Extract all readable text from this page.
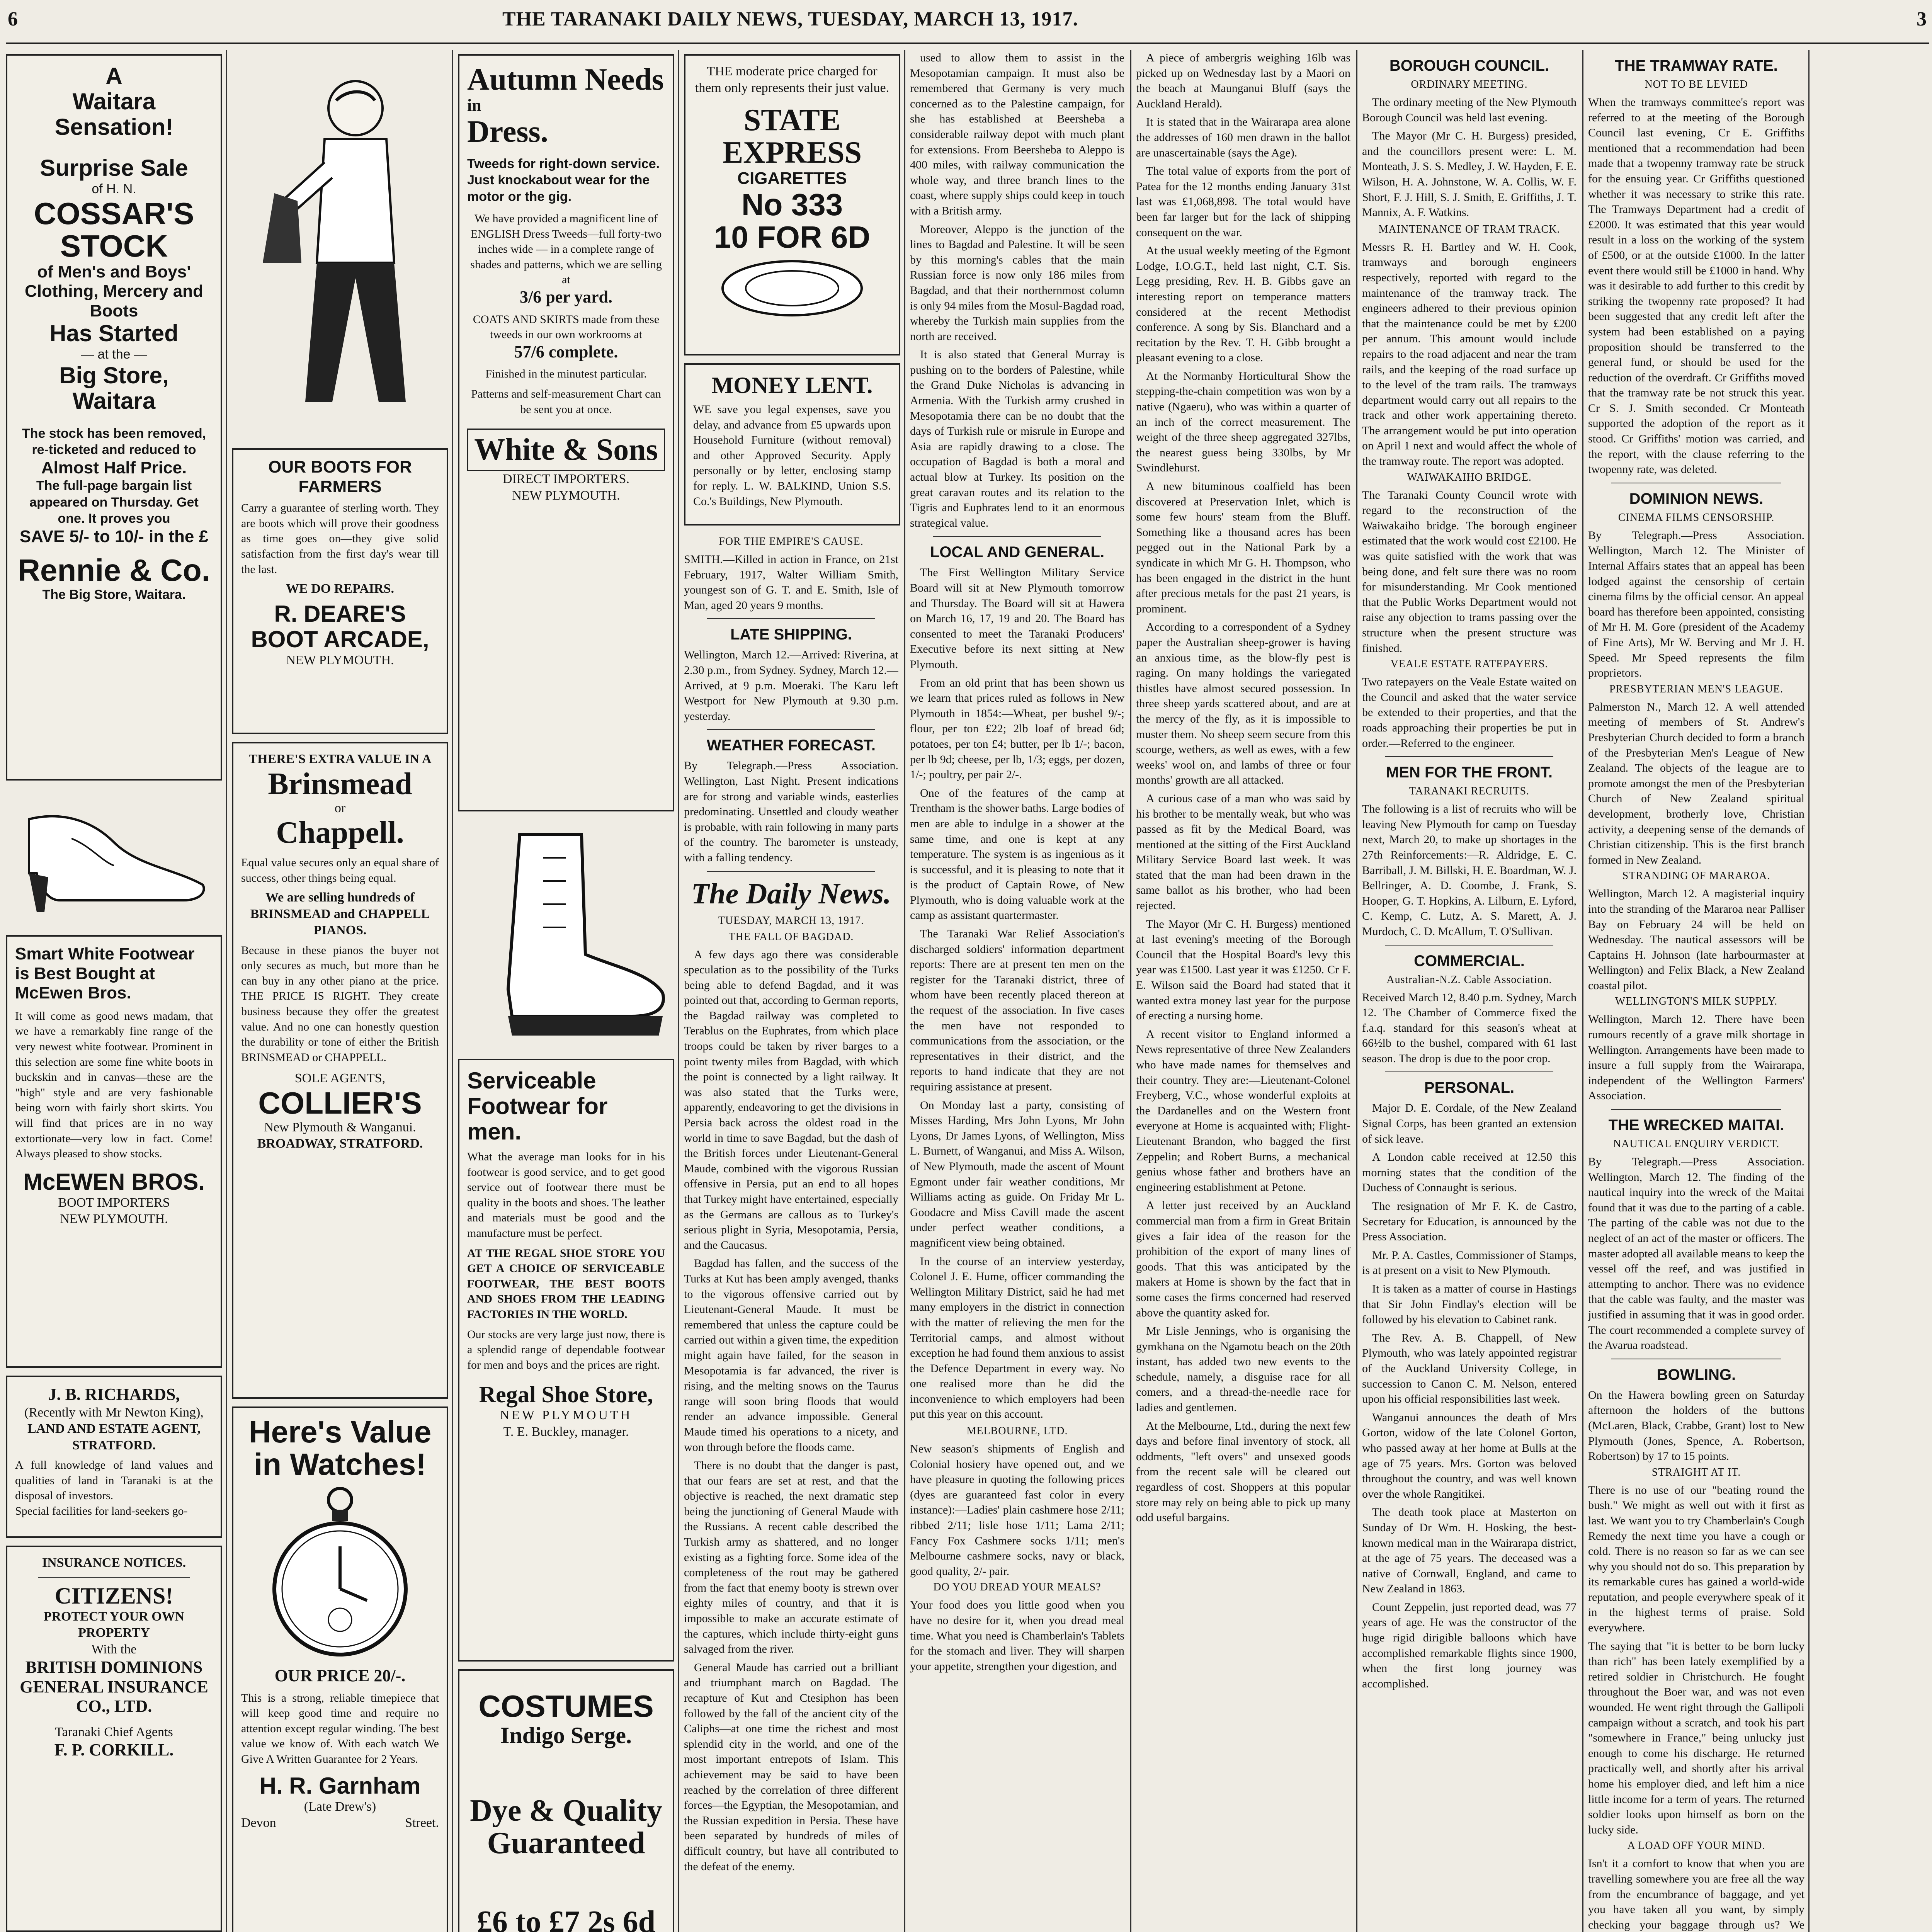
6	THE TARANAKI DAILY NEWS, TUESDAY, MARCH 13, 1917.	3
A
Waitara
Sensation!
Surprise Sale
of H. N.
COSSAR'S
STOCK
of Men's and Boys' Clothing, Mercery and Boots
Has Started
— at the —
Big Store, Waitara
The stock has been removed, re-ticketed and reduced to
Almost Half Price.
The full-page bargain list appeared on Thursday. Get one. It proves you
SAVE 5/- to 10/- in the £
Rennie & Co.
The Big Store, Waitara.
Smart White Footwear is Best Bought at McEwen Bros.
It will come as good news madam, that we have a remarkably fine range of the very newest white footwear. Prominent in this selection are some fine white boots in buckskin and in canvas—these are the "high" style and are very fashionable being worn with fairly short skirts. You will find that prices are in no way extortionate—very low in fact. Come! Always pleased to show stocks.
McEWEN BROS.
BOOT IMPORTERS
NEW PLYMOUTH.
J. B. RICHARDS,
(Recently with Mr Newton King),
LAND AND ESTATE AGENT,
STRATFORD.
A full knowledge of land values and qualities of land in Taranaki is at the disposal of investors.
Special facilities for land-seekers go-
INSURANCE NOTICES.
CITIZENS!
PROTECT YOUR OWN PROPERTY
With the
BRITISH DOMINIONS GENERAL INSURANCE CO., LTD.
Taranaki Chief Agents
F. P. CORKILL.
OUR BOOTS FOR FARMERS
Carry a guarantee of sterling worth. They are boots which will prove their goodness as time goes on—they give solid satisfaction from the first day's wear till the last.
WE DO REPAIRS.
R. DEARE'S
BOOT ARCADE,
NEW PLYMOUTH.
THERE'S EXTRA VALUE IN A
Brinsmead
or
Chappell.
Equal value secures only an equal share of success, other things being equal.
We are selling hundreds of BRINSMEAD and CHAPPELL PIANOS.
Because in these pianos the buyer not only secures as much, but more than he can buy in any other piano at the price. THE PRICE IS RIGHT. They create business because they offer the greatest value. And no one can honestly question the durability or tone of either the British BRINSMEAD or CHAPPELL.
SOLE AGENTS,
COLLIER'S
New Plymouth & Wanganui.
BROADWAY, STRATFORD.
Here's Value in Watches!
OUR PRICE 20/-.
This is a strong, reliable timepiece that will keep good time and require no attention except regular winding. The best value we know of. With each watch We Give A Written Guarantee for 2 Years.
H. R. Garnham
(Late Drew's)
Devon	Street.
Autumn Needs
in
Dress.
Tweeds for right-down service. Just knockabout wear for the motor or the gig.
We have provided a magnificent line of ENGLISH Dress Tweeds—full forty-two inches wide — in a complete range of shades and patterns, which we are selling at
3/6 per yard.
COATS AND SKIRTS made from these tweeds in our own workrooms at
57/6 complete.
Finished in the minutest particular.
Patterns and self-measurement Chart can be sent you at once.
White & Sons
DIRECT IMPORTERS.
NEW PLYMOUTH.
Serviceable Footwear for men.
What the average man looks for in his footwear is good service, and to get good service out of footwear there must be quality in the boots and shoes. The leather and materials must be good and the manufacture must be perfect.
AT THE REGAL SHOE STORE YOU GET A CHOICE OF SERVICEABLE FOOTWEAR, THE BEST BOOTS AND SHOES FROM THE LEADING FACTORIES IN THE WORLD.
Our stocks are very large just now, there is a splendid range of dependable footwear for men and boys and the prices are right.
Regal Shoe Store,
NEW PLYMOUTH
T. E. Buckley, manager.
COSTUMES
Indigo Serge.
Dye & Quality
Guaranteed
£6 to £7 2s 6d
THE moderate price charged for them only represents their just value.
STATE EXPRESS
CIGARETTES
No 333
10 FOR 6D
MONEY LENT.
WE save you legal expenses, save you delay, and advance from £5 upwards upon Household Furniture (without removal) and other Approved Security. Apply personally or by letter, enclosing stamp for reply. L. W. BALKIND, Union S.S. Co.'s Buildings, New Plymouth.
FOR THE EMPIRE'S CAUSE.
SMITH.—Killed in action in France, on 21st February, 1917, Walter William Smith, youngest son of G. T. and E. Smith, Isle of Man, aged 20 years 9 months.
LATE SHIPPING.
Wellington, March 12.—Arrived: Riverina, at 2.30 p.m., from Sydney. Sydney, March 12.—Arrived, at 9 p.m. Moeraki. The Karu left Westport for New Plymouth at 9.30 p.m. yesterday.
WEATHER FORECAST.
By Telegraph.—Press Association. Wellington, Last Night. Present indications are for strong and variable winds, easterlies predominating. Unsettled and cloudy weather is probable, with rain following in many parts of the country. The barometer is unsteady, with a falling tendency.
The Daily News.
TUESDAY, MARCH 13, 1917.
THE FALL OF BAGDAD.

A few days ago there was considerable speculation as to the possibility of the Turks being able to defend Bagdad, and it was pointed out that, according to German reports, the Bagdad railway was completed to Terablus on the Euphrates, from which place troops could be taken by river barges to a point twenty miles from Bagdad, with which the point is connected by a light railway. It was also stated that the Turks were, apparently, endeavoring to get the divisions in Persia back across the oldest road in the world in time to save Bagdad, but the dash of the British forces under Lieutenant-General Maude, combined with the vigorous Russian offensive in Persia, put an end to all hopes that Turkey might have entertained, especially as the Germans are callous as to Turkey's serious plight in Syria, Mesopotamia, Persia, and the Caucasus.

Bagdad has fallen, and the success of the Turks at Kut has been amply avenged, thanks to the vigorous offensive carried out by Lieutenant-General Maude. It must be remembered that unless the capture could be carried out within a given time, the expedition might again have failed, for the season in Mesopotamia is far advanced, the river is rising, and the melting snows on the Taurus range will soon bring floods that would render an advance impossible. General Maude timed his operations to a nicety, and won through before the floods came.

There is no doubt that the danger is past, that our fears are set at rest, and that the objective is reached, the next dramatic step being the junctioning of General Maude with the Russians. A recent cable described the Turkish army as shattered, and no longer existing as a fighting force. Some idea of the completeness of the rout may be gathered from the fact that enemy booty is strewn over eighty miles of country, and that it is impossible to make an accurate estimate of the captures, which include thirty-eight guns salvaged from the river.

General Maude has carried out a brilliant and triumphant march on Bagdad. The recapture of Kut and Ctesiphon has been followed by the fall of the ancient city of the Caliphs—at one time the richest and most splendid city in the world, and one of the most important entrepots of Islam. This achievement may be said to have been reached by the correlation of three different forces—the Egyptian, the Mesopotamian, and the Russian expedition in Persia. These have been separated by hundreds of miles of difficult country, but have all contributed to the defeat of the enemy.

used to allow them to assist in the Mesopotamian campaign. It must also be remembered that Germany is very much concerned as to the Palestine campaign, for she has established at Beersheba a considerable railway depot with much plant for extensions. From Beersheba to Aleppo is 400 miles, with railway communication the whole way, and three branch lines to the coast, where supply ships could keep in touch with a British army.

Moreover, Aleppo is the junction of the lines to Bagdad and Palestine. It will be seen by this morning's cables that the main Russian force is now only 186 miles from Bagdad, and that their northernmost column is only 94 miles from the Mosul-Bagdad road, whereby the Turkish main supplies from the north are received.

It is also stated that General Murray is pushing on to the borders of Palestine, while the Grand Duke Nicholas is advancing in Armenia. With the Turkish army crushed in Mesopotamia there can be no doubt that the days of Turkish rule or misrule in Europe and Asia are rapidly drawing to a close. The occupation of Bagdad is both a moral and actual blow at Turkey. Its position on the great caravan routes and its relation to the Tigris and Euphrates lend to it an enormous strategical value.

LOCAL AND GENERAL.

The First Wellington Military Service Board will sit at New Plymouth tomorrow and Thursday. The Board will sit at Hawera on March 16, 17, 19 and 20. The Board has consented to meet the Taranaki Producers' Executive before its next sitting at New Plymouth.

From an old print that has been shown us we learn that prices ruled as follows in New Plymouth in 1854:—Wheat, per bushel 9/-; flour, per ton £22; 2lb loaf of bread 6d; potatoes, per ton £4; butter, per lb 1/-; bacon, per lb 9d; cheese, per lb, 1/3; eggs, per dozen, 1/-; poultry, per pair 2/-.

One of the features of the camp at Trentham is the shower baths. Large bodies of men are able to indulge in a shower at the same time, and one is kept at any temperature. The system is as ingenious as it is successful, and it is pleasing to note that it is the product of Captain Rowe, of New Plymouth, who is doing valuable work at the camp as assistant quartermaster.

The Taranaki War Relief Association's discharged soldiers' information department reports: There are at present ten men on the register for the Taranaki district, three of whom have been recently placed thereon at the request of the association. In five cases the men have not responded to communications from the association, or the representatives in their district, and the reports to hand indicate that they are not requiring assistance at present.

On Monday last a party, consisting of Misses Harding, Mrs John Lyons, Mr John Lyons, Dr James Lyons, of Wellington, Miss L. Burnett, of Wanganui, and Miss A. Wilson, of New Plymouth, made the ascent of Mount Egmont under fair weather conditions, Mr Williams acting as guide. On Friday Mr L. Goodacre and Miss Cavill made the ascent under perfect weather conditions, a magnificent view being obtained.

In the course of an interview yesterday, Colonel J. E. Hume, officer commanding the Wellington Military District, said he had met many employers in the district in connection with the matter of relieving the men for the Territorial camps, and almost without exception he had found them anxious to assist the Defence Department in every way. No one realised more than he did the inconvenience to which employers had been put this year on this account.

MELBOURNE, LTD.
New season's shipments of English and Colonial hosiery have opened out, and we have pleasure in quoting the following prices (dyes are guaranteed fast color in every instance):—Ladies' plain cashmere hose 2/11; ribbed 2/11; lisle hose 1/11; Lama 2/11; Fancy Fox Cashmere socks 1/11; men's Melbourne cashmere socks, navy or black, good quality, 2/- pair.
DO YOU DREAD YOUR MEALS?
Your food does you little good when you have no desire for it, when you dread meal time. What you need is Chamberlain's Tablets for the stomach and liver. They will sharpen your appetite, strengthen your digestion, and

A piece of ambergris weighing 16lb was picked up on Wednesday last by a Maori on the beach at Maunganui Bluff (says the Auckland Herald).

It is stated that in the Wairarapa area alone the addresses of 160 men drawn in the ballot are unascertainable (says the Age).

The total value of exports from the port of Patea for the 12 months ending January 31st last was £1,068,898. The total would have been far larger but for the lack of shipping consequent on the war.

At the usual weekly meeting of the Egmont Lodge, I.O.G.T., held last night, C.T. Sis. Legg presiding, Rev. H. B. Gibbs gave an interesting report on temperance matters considered at the recent Methodist conference. A song by Sis. Blanchard and a recitation by the Rev. T. H. Gibb brought a pleasant evening to a close.

At the Normanby Horticultural Show the stepping-the-chain competition was won by a native (Ngaeru), who was within a quarter of an inch of the correct measurement. The weight of the three sheep aggregated 327lbs, the nearest guess being 330lbs, by Mr Swindlehurst.

A new bituminous coalfield has been discovered at Preservation Inlet, which is some few hours' steam from the Bluff. Something like a thousand acres has been pegged out in the National Park by a syndicate in which Mr G. H. Thompson, who has been engaged in the district in the hunt after precious metals for the past 21 years, is prominent.

According to a correspondent of a Sydney paper the Australian sheep-grower is having an anxious time, as the blow-fly pest is raging. On many holdings the variegated thistles have almost secured possession. In three sheep yards scattered about, and are at the mercy of the fly, as it is impossible to muster them. No sheep seem secure from this scourge, wethers, as well as ewes, with a few weeks' wool on, and lambs of three or four months' growth are all attacked.

A curious case of a man who was said by his brother to be mentally weak, but who was passed as fit by the Medical Board, was mentioned at the sitting of the First Auckland Military Service Board last week. It was stated that the man had been drawn in the same ballot as his brother, who had been rejected.

The Mayor (Mr C. H. Burgess) mentioned at last evening's meeting of the Borough Council that the Hospital Board's levy this year was £1500. Last year it was £1250. Cr F. E. Wilson said the Board had stated that it wanted extra money last year for the purpose of erecting a nursing home.

A recent visitor to England informed a News representative of three New Zealanders who have made names for themselves and their country. They are:—Lieutenant-Colonel Freyberg, V.C., whose wonderful exploits at the Dardanelles and on the Western front everyone at Home is acquainted with; Flight-Lieutenant Brandon, who bagged the first Zeppelin; and Robert Burns, a mechanical genius whose father and brothers have an engineering establishment at Petone.

A letter just received by an Auckland commercial man from a firm in Great Britain gives a fair idea of the reason for the prohibition of the export of many lines of goods. That this was anticipated by the makers at Home is shown by the fact that in some cases the firms concerned had reserved above the quantity asked for.

Mr Lisle Jennings, who is organising the gymkhana on the Ngamotu beach on the 20th instant, has added two new events to the schedule, namely, a disguise race for all comers, and a thread-the-needle race for ladies and gentlemen.

At the Melbourne, Ltd., during the next few days and before final inventory of stock, all oddments, "left overs" and unsexed goods from the recent sale will be cleared out regardless of cost. Shoppers at this popular store may rely on being able to pick up many odd useful bargains.

BOROUGH COUNCIL.
ORDINARY MEETING.

The ordinary meeting of the New Plymouth Borough Council was held last evening.

The Mayor (Mr C. H. Burgess) presided, and the councillors present were: L. M. Monteath, J. S. S. Medley, J. W. Hayden, F. E. Wilson, H. A. Johnstone, W. A. Collis, W. F. Short, F. J. Hill, S. J. Smith, E. Griffiths, J. T. Mannix, A. F. Watkins.

MAINTENANCE OF TRAM TRACK.
Messrs R. H. Bartley and W. H. Cook, tramways and borough engineers respectively, reported with regard to the maintenance of the tramway track. The engineers adhered to their previous opinion that the maintenance could be met by £200 per annum. This amount would include repairs to the road adjacent and near the tram rails, and the keeping of the road surface up to the level of the tram rails. The tramways department would carry out all repairs to the track and other work appertaining thereto. The arrangement would be put into operation on April 1 next and would affect the whole of the tramway route. The report was adopted.
WAIWAKAIHO BRIDGE.
The Taranaki County Council wrote with regard to the reconstruction of the Waiwakaiho bridge. The borough engineer estimated that the work would cost £2100. He was quite satisfied with the work that was being done, and felt sure there was no room for misunderstanding. Mr Cook mentioned that the Public Works Department would not raise any objection to trams passing over the structure when the present structure was finished.
VEALE ESTATE RATEPAYERS.
Two ratepayers on the Veale Estate waited on the Council and asked that the water service be extended to their properties, and that the roads approaching their properties be put in order.—Referred to the engineer.
MEN FOR THE FRONT.
TARANAKI RECRUITS.
The following is a list of recruits who will be leaving New Plymouth for camp on Tuesday next, March 20, to make up shortages in the 27th Reinforcements:—R. Aldridge, E. C. Barriball, J. M. Billski, H. E. Boardman, W. J. Bellringer, A. D. Coombe, J. Frank, S. Hooper, G. T. Hopkins, A. Lilburn, E. Lyford, C. Kemp, C. Lutz, A. S. Marett, A. J. Murdoch, C. D. McAllum, T. O'Sullivan.
COMMERCIAL.
Australian-N.Z. Cable Association.
Received March 12, 8.40 p.m. Sydney, March 12. The Chamber of Commerce fixed the f.a.q. standard for this season's wheat at 66½lb to the bushel, compared with 61 last season. The drop is due to the poor crop.
PERSONAL.

Major D. E. Cordale, of the New Zealand Signal Corps, has been granted an extension of sick leave.

A London cable received at 12.50 this morning states that the condition of the Duchess of Connaught is serious.

The resignation of Mr F. K. de Castro, Secretary for Education, is announced by the Press Association.

Mr. P. A. Castles, Commissioner of Stamps, is at present on a visit to New Plymouth.

It is taken as a matter of course in Hastings that Sir John Findlay's election will be followed by his elevation to Cabinet rank.

The Rev. A. B. Chappell, of New Plymouth, who was lately appointed registrar of the Auckland University College, in succession to Canon C. M. Nelson, entered upon his official responsibilities last week.

Wanganui announces the death of Mrs Gorton, widow of the late Colonel Gorton, who passed away at her home at Bulls at the age of 75 years. Mrs. Gorton was beloved throughout the country, and was well known over the whole Rangitikei.

The death took place at Masterton on Sunday of Dr Wm. H. Hosking, the best-known medical man in the Wairarapa district, at the age of 75 years. The deceased was a native of Cornwall, England, and came to New Zealand in 1863.

Count Zeppelin, just reported dead, was 77 years of age. He was the constructor of the huge rigid dirigible balloons which have accomplished remarkable flights since 1900, when the first long journey was accomplished.

THE TRAMWAY RATE.
NOT TO BE LEVIED
When the tramways committee's report was referred to at the meeting of the Borough Council last evening, Cr E. Griffiths mentioned that a recommendation had been made that a twopenny tramway rate be struck for the ensuing year. Cr Griffiths questioned whether it was necessary to strike this rate. The Tramways Department had a credit of £2000. It was estimated that this year would result in a loss on the working of the system of £500, or at the outside £1000. In the latter event there would still be £1000 in hand. Why was it desirable to add further to this credit by striking the twopenny rate proposed? It had been suggested that any credit left after the system had been established on a paying proposition should be transferred to the general fund, or should be used for the reduction of the overdraft. Cr Griffiths moved that the tramway rate be not struck this year. Cr S. J. Smith seconded. Cr Monteath supported the adoption of the report as it stood. Cr Griffiths' motion was carried, and the report, with the clause referring to the twopenny rate, was deleted.
DOMINION NEWS.
CINEMA FILMS CENSORSHIP.
By Telegraph.—Press Association. Wellington, March 12. The Minister of Internal Affairs states that an appeal has been lodged against the censorship of certain cinema films by the official censor. An appeal board has therefore been appointed, consisting of Mr H. M. Gore (president of the Academy of Fine Arts), Mr W. Berving and Mr J. H. Speed. Mr Speed represents the film proprietors.
PRESBYTERIAN MEN'S LEAGUE.
Palmerston N., March 12. A well attended meeting of members of St. Andrew's Presbyterian Church decided to form a branch of the Presbyterian Men's League of New Zealand. The objects of the league are to promote amongst the men of the Presbyterian Church of New Zealand spiritual development, brotherly love, Christian activity, a deepening sense of the demands of Christian citizenship. This is the first branch formed in New Zealand.
STRANDING OF MARAROA.
Wellington, March 12. A magisterial inquiry into the stranding of the Mararoa near Palliser Bay on February 24 will be held on Wednesday. The nautical assessors will be Captains H. Johnson (late harbourmaster at Wellington) and Felix Black, a New Zealand coastal pilot.
WELLINGTON'S MILK SUPPLY.
Wellington, March 12. There have been rumours recently of a grave milk shortage in Wellington. Arrangements have been made to insure a full supply from the Wairarapa, independent of the Wellington Farmers' Association.
THE WRECKED MAITAI.
NAUTICAL ENQUIRY VERDICT.
By Telegraph.—Press Association. Wellington, March 12. The finding of the nautical inquiry into the wreck of the Maitai found that it was due to the parting of a cable. The parting of the cable was not due to the neglect of an act of the master or officers. The master adopted all available means to keep the vessel off the reef, and was justified in attempting to anchor. There was no evidence that the cable was faulty, and the master was justified in assuming that it was in good order. The court recommended a complete survey of the Avarua roadstead.
BOWLING.
On the Hawera bowling green on Saturday afternoon the holders of the buttons (McLaren, Black, Crabbe, Grant) lost to New Plymouth (Jones, Spence, A. Robertson, Robertson) by 17 to 15 points.
STRAIGHT AT IT.
There is no use of our "beating round the bush." We might as well out with it first as last. We want you to try Chamberlain's Cough Remedy the next time you have a cough or cold. There is no reason so far as we can see why you should not do so. This preparation by its remarkable cures has gained a world-wide reputation, and people everywhere speak of it in the highest terms of praise. Sold everywhere.
The saying that "it is better to be born lucky than rich" has been lately exemplified by a retired soldier in Christchurch. He fought throughout the Boer war, and was not even wounded. He went right through the Gallipoli campaign without a scratch, and took his part "somewhere in France," being unlucky just enough to come his discharge. He returned practically well, and shortly after his arrival home his employer died, and left him a nice little income for a term of years. The returned soldier looks upon himself as born on the lucky side.
A LOAD OFF YOUR MIND.
Isn't it a comfort to know that when you are travelling somewhere you are free all the way from the encumbrance of baggage, and yet you have taken all you want, by simply checking your baggage through us? We
